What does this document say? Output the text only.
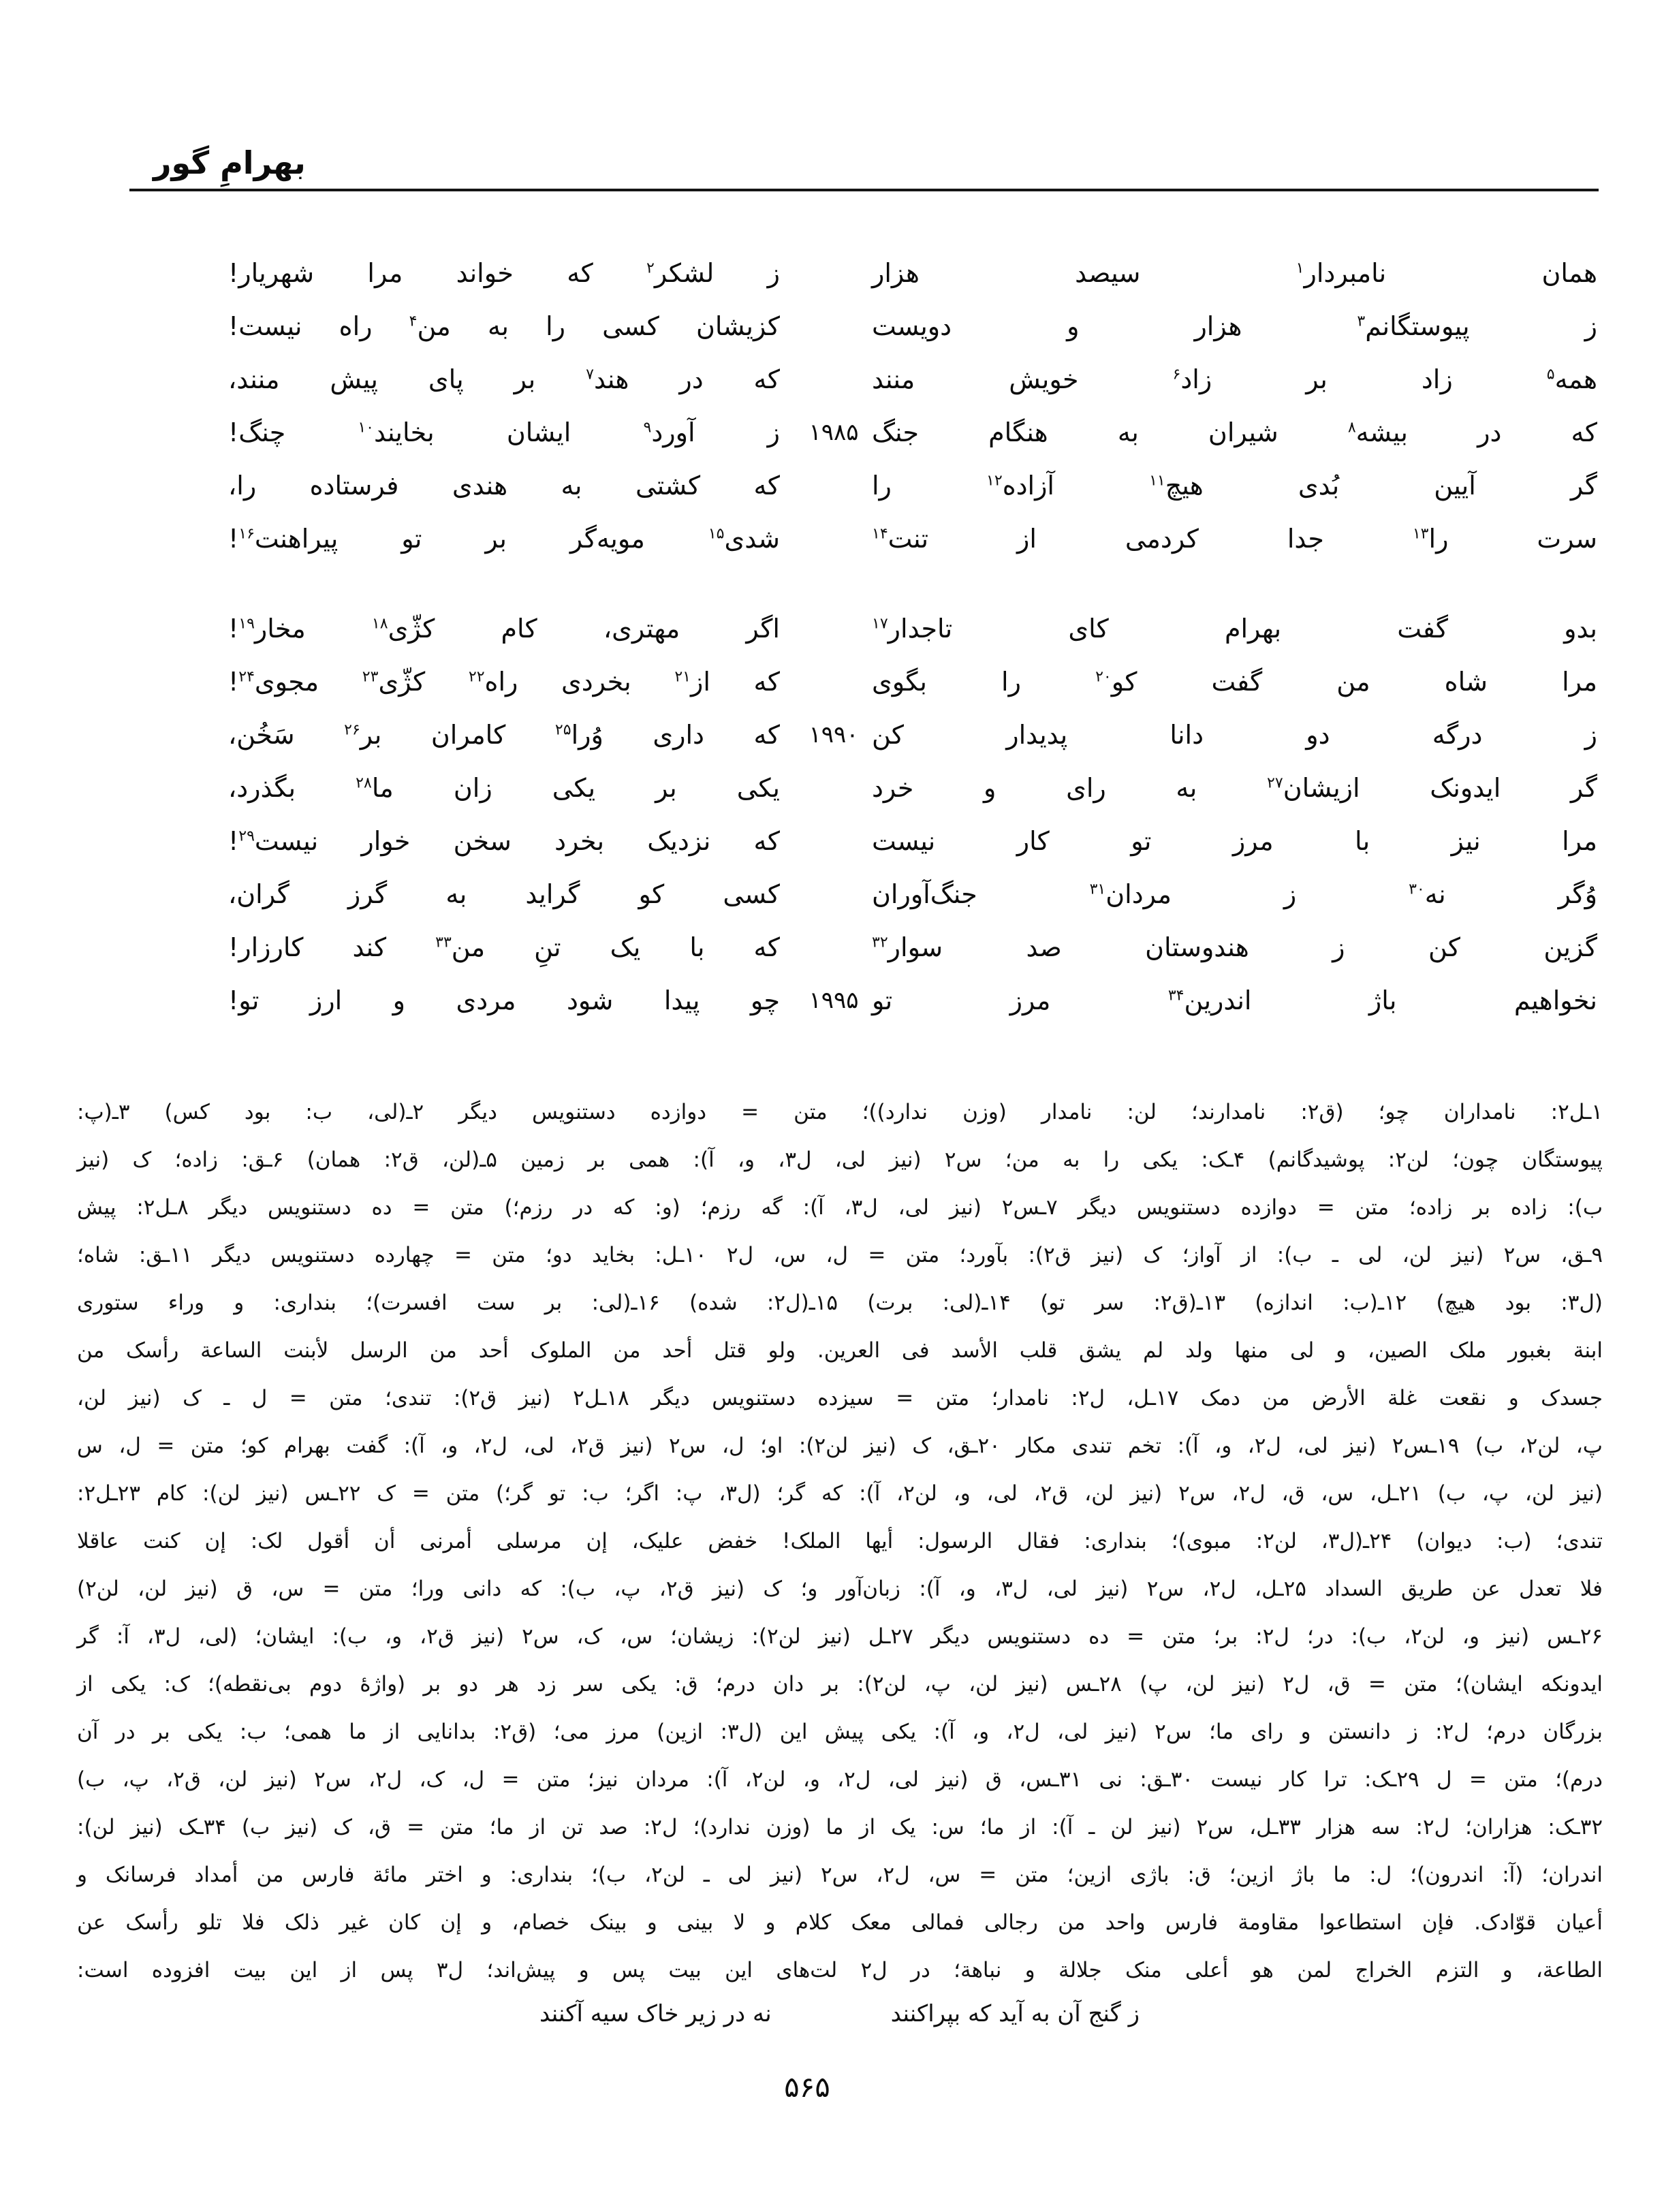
بهرامِ گور
همان نامبردار$^۱$ سیصد هزار
ز لشکر$^۲$ که خواند مرا شهریار!
ز پیوستگانم$^۳$ هزار و دویست
کزیشان کسی را به من$^۴$ راه نیست!
همه$^۵$ زاد بر زاد$^۶$ خویش منند
که در هند$^۷$ بر پای پیش منند،
که در بیشه$^۸$ شیران به هنگام جنگ
۱۹۸۵
ز آورد$^۹$ ایشان بخایند$^{۱۰}$ چنگ!
گر آیین بُدی هیچ$^{۱۱}$ آزاده$^{۱۲}$ را
که کشتی به هندی فرستاده را،
سرت را$^{۱۳}$ جدا کردمی از تنت$^{۱۴}$
شدی$^{۱۵}$ مویه‌گر بر تو پیراهنت$^{۱۶}$!
بدو گفت بهرام کای تاجدار$^{۱۷}$
اگر مهتری، کام کژّی$^{۱۸}$ مخار$^{۱۹}$!
مرا شاه من گفت کو$^{۲۰}$ را بگوی
که از$^{۲۱}$ بخردی راه$^{۲۲}$ کژّی$^{۲۳}$ مجوی$^{۲۴}$!
ز درگه دو دانا پدیدار کن
۱۹۹۰
که داری وُرا$^{۲۵}$ کامران بر$^{۲۶}$ سَخُن،
گر ایدونک ازیشان$^{۲۷}$ به رای و خرد
یکی بر یکی زان ما$^{۲۸}$ بگذرد،
مرا نیز با مرز تو کار نیست
که نزدیک بخرد سخن خوار نیست$^{۲۹}$!
وُگر نه$^{۳۰}$ ز مردان$^{۳۱}$ جنگ‌آوران
کسی کو گراید به گرز گران،
گزین کن ز هندوستان صد سوار$^{۳۲}$
که با یک تنِ من$^{۳۳}$ کند کارزار!
نخواهیم باژ اندرین$^{۳۴}$ مرز تو
۱۹۹۵
چو پیدا شود مردی و ارز تو!
۱ـل۲: نامداران چو؛ (ق۲: نامدارند؛ لن: نامدار (وزن ندارد))؛ متن = دوازده دستنویس دیگر ۲ـ(لی، ب: بود کس) ۳ـ(پ:
پیوستگان چون؛ لن۲: پوشیدگانم) ۴ـک: یکی را به من؛ س۲ (نیز لی، ل۳، و، آ): همی بر زمین ۵ـ(لن، ق۲: همان) ۶ـق: زاده؛ ک (نیز
ب): زاده بر زاده؛ متن = دوازده دستنویس دیگر ۷ـس۲ (نیز لی، ل۳، آ): گه رزم؛ (و: که در رزم؛) متن = ده دستنویس دیگر ۸ـل۲: پیش
۹ـق، س۲ (نیز لن، لی ـ ب): از آواز؛ ک (نیز ق۲): بآورد؛ متن = ل، س، ل۲ ۱۰ـل: بخاید دو؛ متن = چهارده دستنویس دیگر ۱۱ـق: شاه؛
(ل۳: بود هیچ) ۱۲ـ(ب: اندازه) ۱۳ـ(ق۲: سر تو) ۱۴ـ(لی: برت) ۱۵ـ(ل۲: شده) ۱۶ـ(لی: بر ست افسرت)؛ بنداری: و وراء ستوری
ابنة بغبور ملک الصین، و لی منها ولد لم یشق قلب الأسد فی العرین. ولو قتل أحد من الملوک أحد من الرسل لأبنت الساعة رأسک من
جسدک و نقعت غلة الأرض من دمک ۱۷ـل، ل۲: نامدار؛ متن = سیزده دستنویس دیگر ۱۸ـل۲ (نیز ق۲): تندی؛ متن = ل ـ ک (نیز لن،
پ، لن۲، ب) ۱۹ـس۲ (نیز لی، ل۲، و، آ): تخم تندی مکار ۲۰ـق، ک (نیز لن۲): او؛ ل، س۲ (نیز ق۲، لی، ل۲، و، آ): گفت بهرام کو؛ متن = ل، س
(نیز لن، پ، ب) ۲۱ـل، س، ق، ل۲، س۲ (نیز لن، ق۲، لی، و، لن۲، آ): که گر؛ (ل۳، پ: اگر؛ ب: تو گر؛) متن = ک ۲۲ـس (نیز لن): کام ۲۳ـل۲:
تندی؛ (ب: دیوان) ۲۴ـ(ل۳، لن۲: مبوی)؛ بنداری: فقال الرسول: أیها الملک! خفض علیک، إن مرسلی أمرنی أن أقول لک: إن کنت عاقلا
فلا تعدل عن طریق السداد ۲۵ـل، ل۲، س۲ (نیز لی، ل۳، و، آ): زبان‌آور و؛ ک (نیز ق۲، پ، ب): که دانی ورا؛ متن = س، ق (نیز لن، لن۲)
۲۶ـس (نیز و، لن۲، ب): در؛ ل۲: بر؛ متن = ده دستنویس دیگر ۲۷ـل (نیز لن۲): زیشان؛ س، ک، س۲ (نیز ق۲، و، ب): ایشان؛ (لی، ل۳، آ: گر
ایدونکه ایشان)؛ متن = ق، ل۲ (نیز لن، پ) ۲۸ـس (نیز لن، پ، لن۲): بر دان درم؛ ق: یکی سر زد هر دو بر (واژهٔ دوم بی‌نقطه)؛ ک: یکی از
بزرگان درم؛ ل۲: ز دانستن و رای ما؛ س۲ (نیز لی، ل۲، و، آ): یکی پیش این (ل۳: ازین) مرز می؛ (ق۲: بدانایی از ما همی؛ ب: یکی بر در آن
درم)؛ متن = ل ۲۹ـک: ترا کار نیست ۳۰ـق: نی ۳۱ـس، ق (نیز لی، ل۲، و، لن۲، آ): مردان نیز؛ متن = ل، ک، ل۲، س۲ (نیز لن، ق۲، پ، ب)
۳۲ـک: هزاران؛ ل۲: سه هزار ۳۳ـل، س۲ (نیز لن ـ آ): از ما؛ س: یک از ما (وزن ندارد)؛ ل۲: صد تن از ما؛ متن = ق، ک (نیز ب) ۳۴ـک (نیز لن):
اندران؛ (آ: اندرون)؛ ل: ما باژ ازین؛ ق: باژی ازین؛ متن = س، ل۲، س۲ (نیز لی ـ لن۲، ب)؛ بنداری: و اختر مائة فارس من أمداد فرسانک و
أعیان قوّادک. فإن استطاعوا مقاومة فارس واحد من رجالی فمالی معک کلام و لا بینی و بینک خصام، و إن کان غیر ذلک فلا تلو رأسک عن
الطاعة، و التزم الخراج لمن هو أعلی منک جلالة و نباهة؛ در ل۲ لت‌های این بیت پس و پیش‌اند؛ ل۳ پس از این بیت افزوده است:
ز گنج آن به آید که بپراکنند
نه در زیر خاک سیه آکنند
۵۶۵
